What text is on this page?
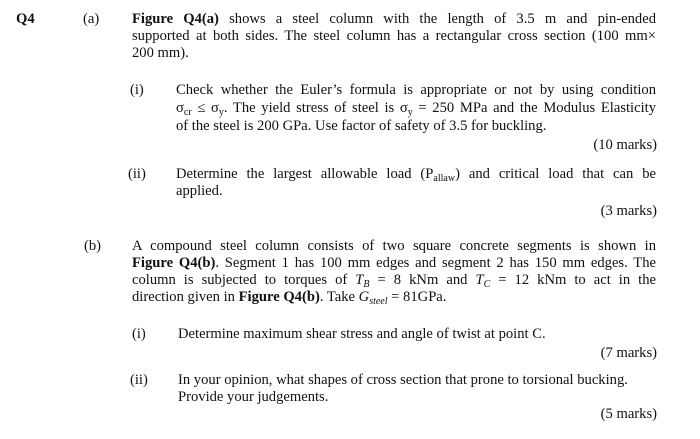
Q4	(a) Figure Q4(a) shows a steel column with the length of 3.5 m and pin-ended
supported at both sides. The steel column has a rectangular cross section (100 mm×
200 mm).
(i) Check whether the Euler’s formula is appropriate or not by using condition
$\sigma_{cr} \le \sigma_y$. The yield stress of steel is $\sigma_y = 250$ MPa and the Modulus Elasticity
of the steel is 200 GPa. Use factor of safety of 3.5 for buckling.
(10 marks)
(ii) Determine the largest allowable load $(P_{allaw})$ and critical load that can be
applied.
(3 marks)
(b) A compound steel column consists of two square concrete segments is shown in
Figure Q4(b). Segment 1 has 100 mm edges and segment 2 has 150 mm edges. The
column is subjected to torques of $T_B = 8$ kNm and $T_C = 12$ kNm to act in the
direction given in Figure Q4(b). Take $G_{steel} = 81GPa$.
(i) Determine maximum shear stress and angle of twist at point C.
(7 marks)
(ii) In your opinion, what shapes of cross section that prone to torsional bucking.
Provide your judgements.
(5 marks)
